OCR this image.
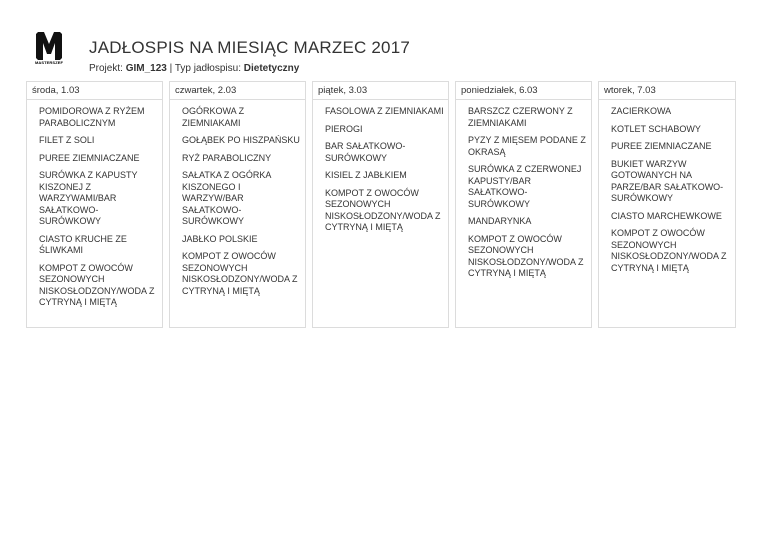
MASTERSZEF
JADŁOSPIS NA MIESIĄC MARZEC 2017
Projekt: GIM_123 | Typ jadłospisu: Dietetyczny
środa, 1.03
POMIDOROWA Z RYŻEM PARABOLICZNYM
FILET Z SOLI
PUREE ZIEMNIACZANE
SURÓWKA Z KAPUSTY KISZONEJ Z WARZYWAMI/BAR SAŁATKOWO-SURÓWKOWY
CIASTO KRUCHE ZE ŚLIWKAMI
KOMPOT Z OWOCÓW SEZONOWYCH NISKOSŁODZONY/WODA Z CYTRYNĄ I MIĘTĄ
czwartek, 2.03
OGÓRKOWA Z ZIEMNIAKAMI
GOŁĄBEK PO HISZPAŃSKU
RYŻ PARABOLICZNY
SAŁATKA Z OGÓRKA KISZONEGO I WARZYW/BAR SAŁATKOWO-SURÓWKOWY
JABŁKO POLSKIE
KOMPOT Z OWOCÓW SEZONOWYCH NISKOSŁODZONY/WODA Z CYTRYNĄ I MIĘTĄ
piątek, 3.03
FASOLOWA Z ZIEMNIAKAMI
PIEROGI
BAR SAŁATKOWO-SURÓWKOWY
KISIEL Z JABŁKIEM
KOMPOT Z OWOCÓW SEZONOWYCH NISKOSŁODZONY/WODA Z CYTRYNĄ I MIĘTĄ
poniedziałek, 6.03
BARSZCZ CZERWONY Z ZIEMNIAKAMI
PYZY Z MIĘSEM PODANE Z OKRASĄ
SURÓWKA Z CZERWONEJ KAPUSTY/BAR SAŁATKOWO-SURÓWKOWY
MANDARYNKA
KOMPOT Z OWOCÓW SEZONOWYCH NISKOSŁODZONY/WODA Z CYTRYNĄ I MIĘTĄ
wtorek, 7.03
ZACIERKOWA
KOTLET SCHABOWY
PUREE ZIEMNIACZANE
BUKIET WARZYW GOTOWANYCH NA PARZE/BAR SAŁATKOWO-SURÓWKOWY
CIASTO MARCHEWKOWE
KOMPOT Z OWOCÓW SEZONOWYCH NISKOSŁODZONY/WODA Z CYTRYNĄ I MIĘTĄ
